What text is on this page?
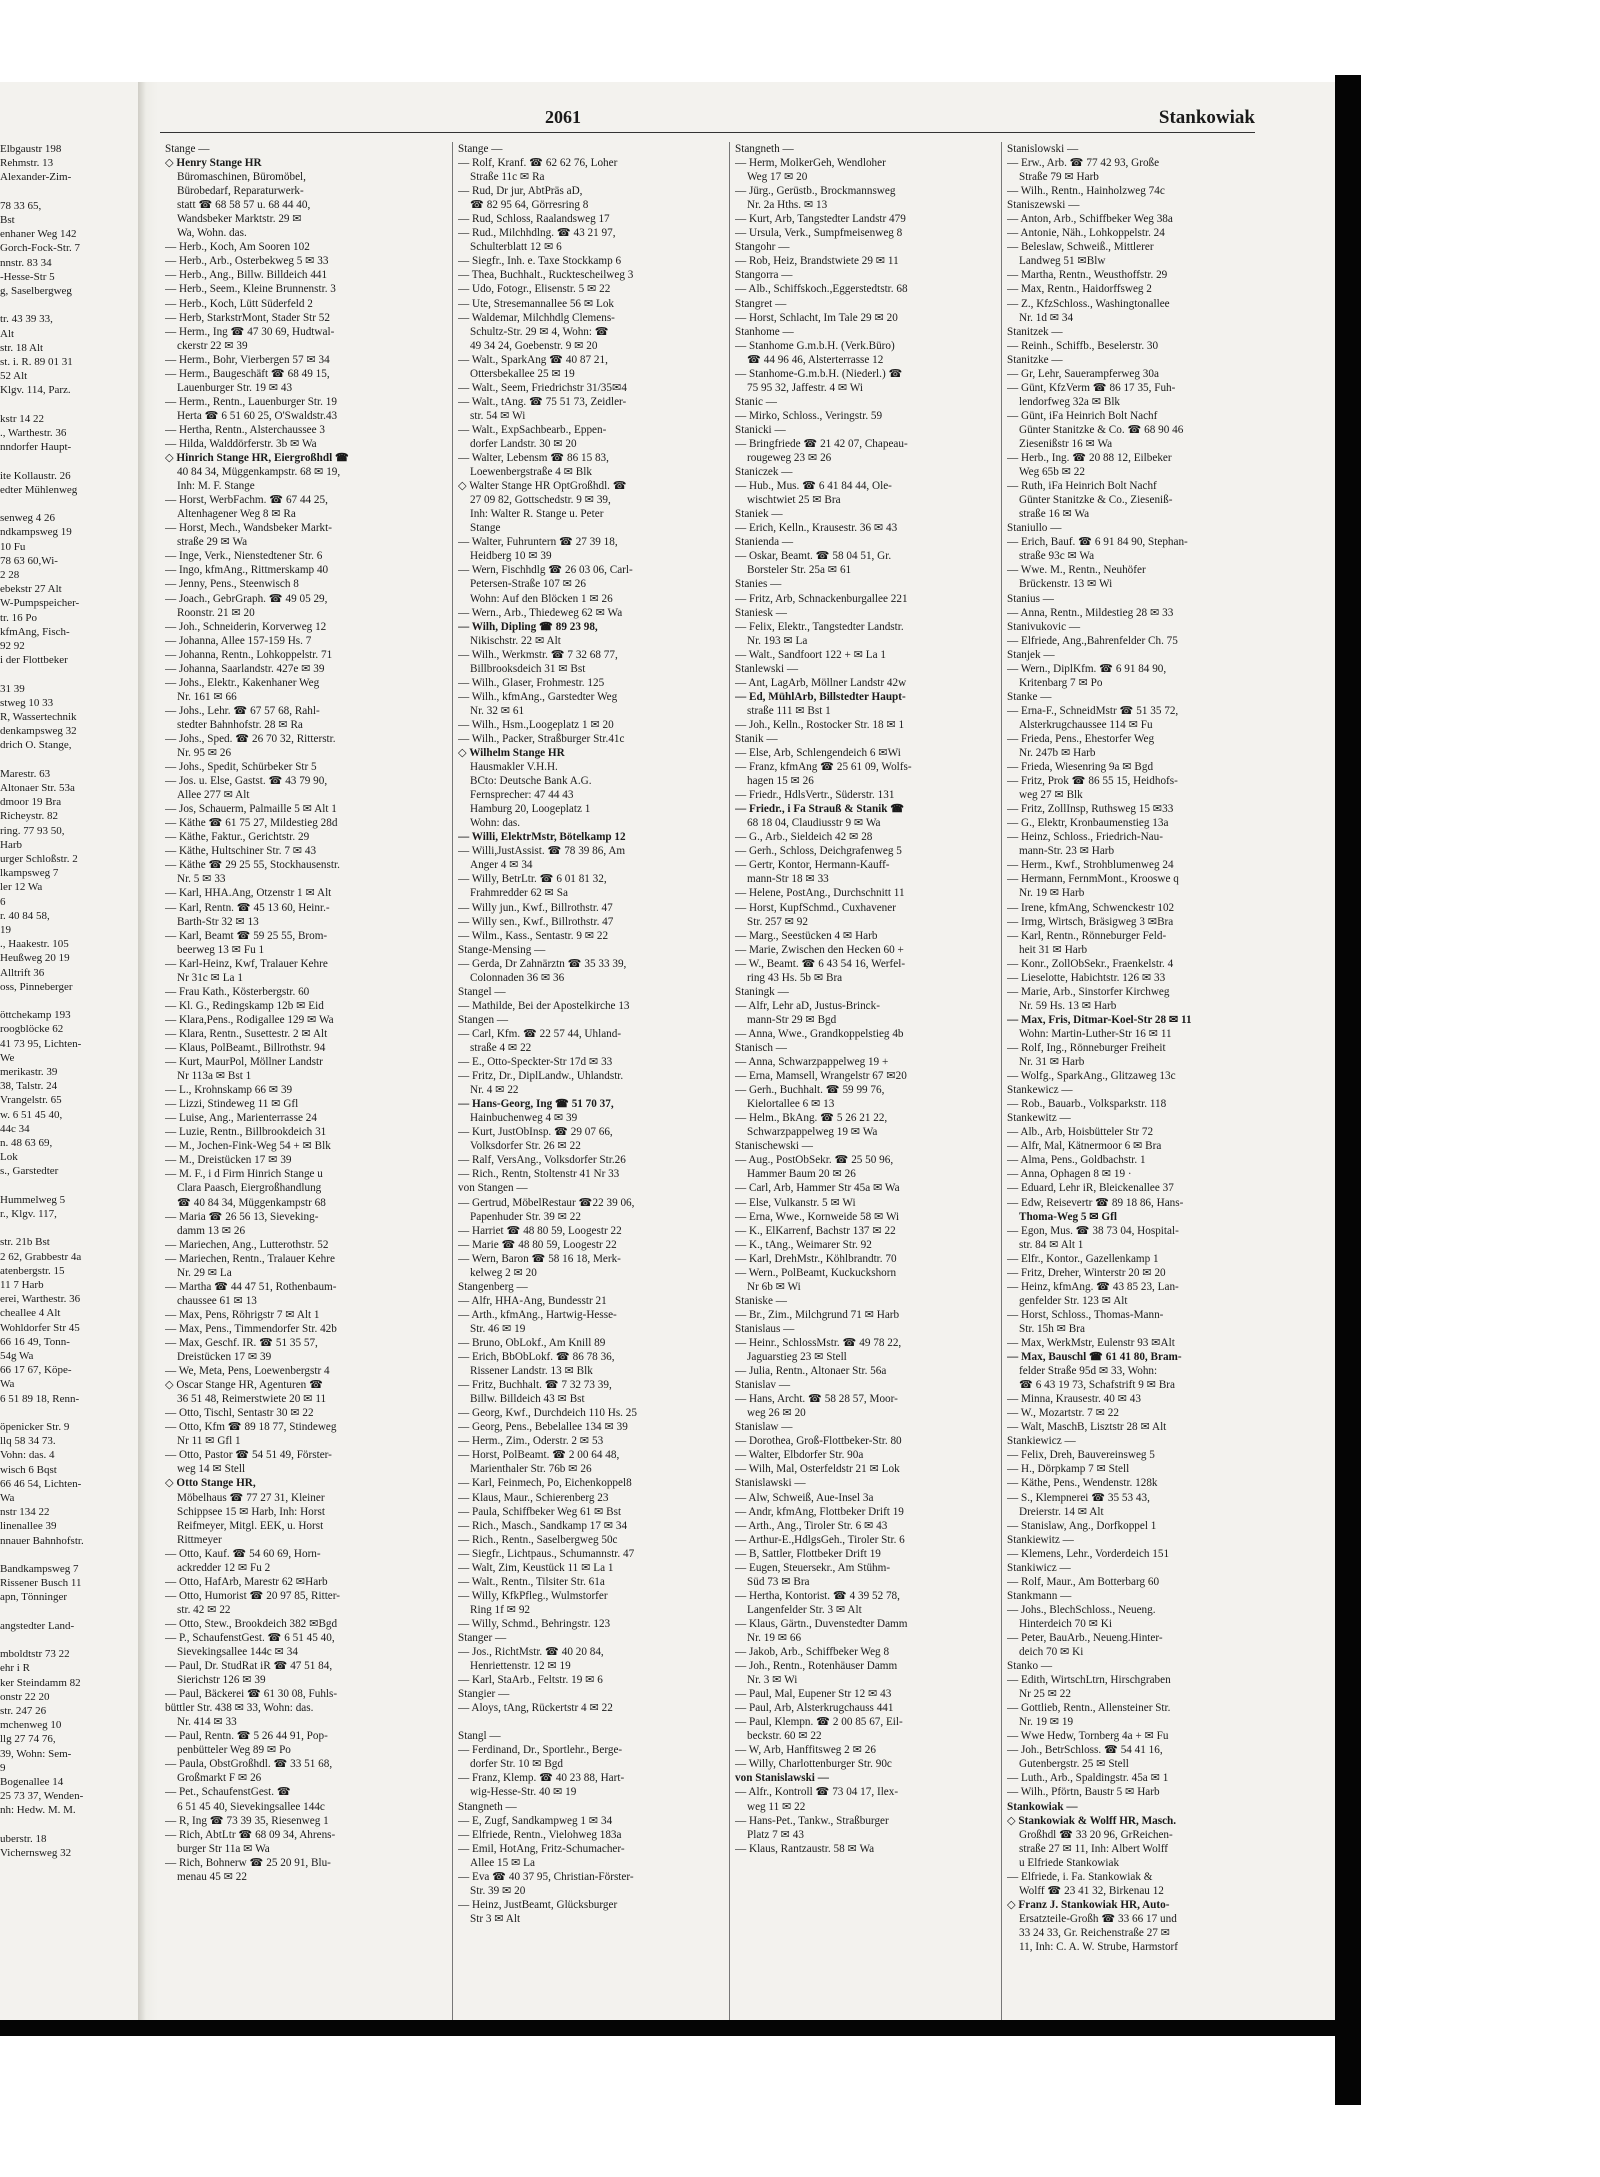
Elbgaustr 198
Rehmstr. 13
Alexander-Zim-
78 33 65,
Bst
enhaner Weg 142
Gorch-Fock-Str. 7
nnstr. 83 34
-Hesse-Str 5
g, Saselbergweg
tr. 43 39 33,
Alt
str. 18 Alt
st. i. R. 89 01 31
52 Alt
Klgv. 114, Parz.
kstr 14 22
., Warthestr. 36
nndorfer Haupt-
ite Kollaustr. 26
edter Mühlenweg
senweg 4 26
ndkampsweg 19
10 Fu
78 63 60,Wi-
2 28
ebekstr 27 Alt
W-Pumpspeicher-
tr. 16 Po
kfmAng, Fisch-
92 92
i der Flottbeker
31 39
stweg 10 33
R, Wassertechnik
denkampsweg 32
drich O. Stange,
Marestr. 63
Altonaer Str. 53a
dmoor 19 Bra
Richeystr. 82
ring. 77 93 50,
Harb
urger Schloßstr. 2
lkampsweg 7
ler 12 Wa
6
r. 40 84 58,
19
., Haakestr. 105
Heußweg 20 19
Alltrift 36
oss, Pinneberger
öttchekamp 193
roogblöcke 62
41 73 95, Lichten-
We
merikastr. 39
38, Talstr. 24
Vrangelstr. 65
w. 6 51 45 40,
44c 34
n. 48 63 69,
Lok
s., Garstedter
Hummelweg 5
r., Klgv. 117,
str. 21b Bst
2 62, Grabbestr 4a
atenbergstr. 15
11 7 Harb
erei, Warthestr. 36
cheallee 4 Alt
Wohldorfer Str 45
66 16 49, Tonn-
54g Wa
66 17 67, Köpe-
Wa
6 51 89 18, Renn-
öpenicker Str. 9
llq 58 34 73.
Vohn: das. 4
wisch 6 Bqst
66 46 54, Lichten-
Wa
nstr 134 22
linenallee 39
nnauer Bahnhofstr.
Bandkampsweg 7
Rissener Busch 11
apn, Tönninger
angstedter Land-
mboldtstr 73 22
ehr i R
ker Steindamm 82
onstr 22 20
str. 247 26
mchenweg 10
llg 27 74 76,
39, Wohn: Sem-
9
Bogenallee 14
25 73 37, Wenden-
nh: Hedw. M. M.
uberstr. 18
Vichernsweg 32
2061	Stankowiak
Stange —
◇ Henry Stange HR
Büromaschinen, Büromöbel,
Bürobedarf, Reparaturwerk-
statt ☎ 68 58 57 u. 68 44 40,
Wandsbeker Marktstr. 29 ✉
Wa, Wohn. das.
— Herb., Koch, Am Sooren 102
— Herb., Arb., Osterbekweg 5 ✉ 33
— Herb., Ang., Billw. Billdeich 441
— Herb., Seem., Kleine Brunnenstr. 3
— Herb., Koch, Lütt Süderfeld 2
— Herb, StarkstrMont, Stader Str 52
— Herm., Ing ☎ 47 30 69, Hudtwal-
ckerstr 22 ✉ 39
— Herm., Bohr, Vierbergen 57 ✉ 34
— Herm., Baugeschäft ☎ 68 49 15,
Lauenburger Str. 19 ✉ 43
— Herm., Rentn., Lauenburger Str. 19
Herta ☎ 6 51 60 25, O'Swaldstr.43
— Hertha, Rentn., Alsterchaussee 3
— Hilda, Walddörferstr. 3b ✉ Wa
◇ Hinrich Stange HR, Eiergroßhdl ☎
40 84 34, Müggenkampstr. 68 ✉ 19,
Inh: M. F. Stange
— Horst, WerbFachm. ☎ 67 44 25,
Altenhagener Weg 8 ✉ Ra
— Horst, Mech., Wandsbeker Markt-
straße 29 ✉ Wa
— Inge, Verk., Nienstedtener Str. 6
— Ingo, kfmAng., Rittmerskamp 40
— Jenny, Pens., Steenwisch 8
— Joach., GebrGraph. ☎ 49 05 29,
Roonstr. 21 ✉ 20
— Joh., Schneiderin, Korverweg 12
— Johanna, Allee 157-159 Hs. 7
— Johanna, Rentn., Lohkoppelstr. 71
— Johanna, Saarlandstr. 427e ✉ 39
— Johs., Elektr., Kakenhaner Weg
Nr. 161 ✉ 66
— Johs., Lehr. ☎ 67 57 68, Rahl-
stedter Bahnhofstr. 28 ✉ Ra
— Johs., Sped. ☎ 26 70 32, Ritterstr.
Nr. 95 ✉ 26
— Johs., Spedit, Schürbeker Str 5
— Jos. u. Else, Gastst. ☎ 43 79 90,
Allee 277 ✉ Alt
— Jos, Schauerm, Palmaille 5 ✉ Alt 1
— Käthe ☎ 61 75 27, Mildestieg 28d
— Käthe, Faktur., Gerichtstr. 29
— Käthe, Hultschiner Str. 7 ✉ 43
— Käthe ☎ 29 25 55, Stockhausenstr.
Nr. 5 ✉ 33
— Karl, HHA.Ang, Otzenstr 1 ✉ Alt
— Karl, Rentn. ☎ 45 13 60, Heinr.-
Barth-Str 32 ✉ 13
— Karl, Beamt ☎ 59 25 55, Brom-
beerweg 13 ✉ Fu 1
— Karl-Heinz, Kwf, Tralauer Kehre
Nr 31c ✉ La 1
— Frau Kath., Kösterbergstr. 60
— Kl. G., Redingskamp 12b ✉ Eid
— Klara,Pens., Rodigallee 129 ✉ Wa
— Klara, Rentn., Susettestr. 2 ✉ Alt
— Klaus, PolBeamt., Billrothstr. 94
— Kurt, MaurPol, Möllner Landstr
Nr 113a ✉ Bst 1
— L., Krohnskamp 66 ✉ 39
— Lizzi, Stindeweg 11 ✉ Gfl
— Luise, Ang., Marienterrasse 24
— Luzie, Rentn., Billbrookdeich 31
— M., Jochen-Fink-Weg 54 + ✉ Blk
— M., Dreistücken 17 ✉ 39
— M. F., i d Firm Hinrich Stange u
Clara Paasch, Eiergroßhandlung
☎ 40 84 34, Müggenkampstr 68
— Maria ☎ 26 56 13, Sieveking-
damm 13 ✉ 26
— Mariechen, Ang., Lutterothstr. 52
— Mariechen, Rentn., Tralauer Kehre
Nr. 29 ✉ La
— Martha ☎ 44 47 51, Rothenbaum-
chaussee 61 ✉ 13
— Max, Pens, Röhrigstr 7 ✉ Alt 1
— Max, Pens., Timmendorfer Str. 42b
— Max, Geschf. IR. ☎ 51 35 57,
Dreistücken 17 ✉ 39
— We, Meta, Pens, Loewenbergstr 4
◇ Oscar Stange HR, Agenturen ☎
36 51 48, Reimerstwiete 20 ✉ 11
— Otto, Tischl, Sentastr 30 ✉ 22
— Otto, Kfm ☎ 89 18 77, Stindeweg
Nr 11 ✉ Gfl 1
— Otto, Pastor ☎ 54 51 49, Förster-
weg 14 ✉ Stell
◇ Otto Stange HR,
Möbelhaus ☎ 77 27 31, Kleiner
Schippsee 15 ✉ Harb, Inh: Horst
Reifmeyer, Mitgl. EEK, u. Horst
Rittmeyer
— Otto, Kauf. ☎ 54 60 69, Horn-
ackredder 12 ✉ Fu 2
— Otto, HafArb, Marestr 62 ✉Harb
— Otto, Humorist ☎ 20 97 85, Ritter-
str. 42 ✉ 22
— Otto, Stew., Brookdeich 382 ✉Bgd
— P., SchaufenstGest. ☎ 6 51 45 40,
Sievekingsallee 144c ✉ 34
— Paul, Dr. StudRat iR ☎ 47 51 84,
Sierichstr 126 ✉ 39
— Paul, Bäckerei ☎ 61 30 08, Fuhls-
büttler Str. 438 ✉ 33, Wohn: das.
Nr. 414 ✉ 33
— Paul, Rentn. ☎ 5 26 44 91, Pop-
penbütteler Weg 89 ✉ Po
— Paula, ObstGroßhdl. ☎ 33 51 68,
Großmarkt F ✉ 26
— Pet., SchaufenstGest. ☎
6 51 45 40, Sievekingsallee 144c
— R, Ing ☎ 73 39 35, Riesenweg 1
— Rich, AbtLtr ☎ 68 09 34, Ahrens-
burger Str 11a ✉ Wa
— Rich, Bohnerw ☎ 25 20 91, Blu-
menau 45 ✉ 22
Stange —
— Rolf, Kranf. ☎ 62 62 76, Loher
Straße 11c ✉ Ra
— Rud, Dr jur, AbtPräs aD,
☎ 82 95 64, Görresring 8
— Rud, Schloss, Raalandsweg 17
— Rud., Milchhdlng. ☎ 43 21 97,
Schulterblatt 12 ✉ 6
— Siegfr., Inh. e. Taxe Stockkamp 6
— Thea, Buchhalt., Rucktescheilweg 3
— Udo, Fotogr., Elisenstr. 5 ✉ 22
— Ute, Stresemannallee 56 ✉ Lok
— Waldemar, Milchhdlg Clemens-
Schultz-Str. 29 ✉ 4, Wohn: ☎
49 34 24, Goebenstr. 9 ✉ 20
— Walt., SparkAng ☎ 40 87 21,
Ottersbekallee 25 ✉ 19
— Walt., Seem, Friedrichstr 31/35✉4
— Walt., tAng. ☎ 75 51 73, Zeidler-
str. 54 ✉ Wi
— Walt., ExpSachbearb., Eppen-
dorfer Landstr. 30 ✉ 20
— Walter, Lebensm ☎ 86 15 83,
Loewenbergstraße 4 ✉ Blk
◇ Walter Stange HR OptGroßhdl. ☎
27 09 82, Gottschedstr. 9 ✉ 39,
Inh: Walter R. Stange u. Peter
Stange
— Walter, Fuhruntern ☎ 27 39 18,
Heidberg 10 ✉ 39
— Wern, Fischhdlg ☎ 26 03 06, Carl-
Petersen-Straße 107 ✉ 26
Wohn: Auf den Blöcken 1 ✉ 26
— Wern., Arb., Thiedeweg 62 ✉ Wa
— Wilh, Dipling ☎ 89 23 98,
Nikischstr. 22 ✉ Alt
— Wilh., Werkmstr. ☎ 7 32 68 77,
Billbrooksdeich 31 ✉ Bst
— Wilh., Glaser, Frohmestr. 125
— Wilh., kfmAng., Garstedter Weg
Nr. 32 ✉ 61
— Wilh., Hsm.,Loogeplatz 1 ✉ 20
— Wilh., Packer, Straßburger Str.41c
◇ Wilhelm Stange HR
Hausmakler V.H.H.
BCto: Deutsche Bank A.G.
Fernsprecher: 47 44 43
Hamburg 20, Loogeplatz 1
Wohn: das.
— Willi, ElektrMstr, Bötelkamp 12
— Willi,JustAssist. ☎ 78 39 86, Am
Anger 4 ✉ 34
— Willy, BetrLtr. ☎ 6 01 81 32,
Frahmredder 62 ✉ Sa
— Willy jun., Kwf., Billrothstr. 47
— Willy sen., Kwf., Billrothstr. 47
— Wilm., Kass., Sentastr. 9 ✉ 22
Stange-Mensing —
— Gerda, Dr Zahnärztn ☎ 35 33 39,
Colonnaden 36 ✉ 36
Stangel —
— Mathilde, Bei der Apostelkirche 13
Stangen —
— Carl, Kfm. ☎ 22 57 44, Uhland-
straße 4 ✉ 22
— E., Otto-Speckter-Str 17d ✉ 33
— Fritz, Dr., DiplLandw., Uhlandstr.
Nr. 4 ✉ 22
— Hans-Georg, Ing ☎ 51 70 37,
Hainbuchenweg 4 ✉ 39
— Kurt, JustObInsp. ☎ 29 07 66,
Volksdorfer Str. 26 ✉ 22
— Ralf, VersAng., Volksdorfer Str.26
— Rich., Rentn, Stoltenstr 41 Nr 33
von Stangen —
— Gertrud, MöbelRestaur ☎22 39 06,
Papenhuder Str. 39 ✉ 22
— Harriet ☎ 48 80 59, Loogestr 22
— Marie ☎ 48 80 59, Loogestr 22
— Wern, Baron ☎ 58 16 18, Merk-
kelweg 2 ✉ 20
Stangenberg —
— Alfr, HHA-Ang, Bundesstr 21
— Arth., kfmAng., Hartwig-Hesse-
Str. 46 ✉ 19
— Bruno, ObLokf., Am Knill 89
— Erich, BbObLokf. ☎ 86 78 36,
Rissener Landstr. 13 ✉ Blk
— Fritz, Buchhalt. ☎ 7 32 73 39,
Billw. Billdeich 43 ✉ Bst
— Georg, Kwf., Durchdeich 110 Hs. 25
— Georg, Pens., Bebelallee 134 ✉ 39
— Herm., Zim., Oderstr. 2 ✉ 53
— Horst, PolBeamt. ☎ 2 00 64 48,
Marienthaler Str. 76b ✉ 26
— Karl, Feinmech, Po, Eichenkoppel8
— Klaus, Maur., Schierenberg 23
— Paula, Schiffbeker Weg 61 ✉ Bst
— Rich., Masch., Sandkamp 17 ✉ 34
— Rich., Rentn., Saselbergweg 50c
— Siegfr., Lichtpaus., Schumannstr. 47
— Walt, Zim, Keustück 11 ✉ La 1
— Walt., Rentn., Tilsiter Str. 61a
— Willy, KfkPfleg., Wulmstorfer
Ring 1f ✉ 92
— Willy, Schmd., Behringstr. 123
Stanger —
— Jos., RichtMstr. ☎ 40 20 84,
Henriettenstr. 12 ✉ 19
— Karl, StaArb., Feltstr. 19 ✉ 6
Stangier —
— Aloys, tAng, Rückertstr 4 ✉ 22

Stangl —
— Ferdinand, Dr., Sportlehr., Berge-
dorfer Str. 10 ✉ Bgd
— Franz, Klemp. ☎ 40 23 88, Hart-
wig-Hesse-Str. 40 ✉ 19
Stangneth —
— E, Zugf, Sandkampweg 1 ✉ 34
— Elfriede, Rentn., Vielohweg 183a
— Emil, HotAng, Fritz-Schumacher-
Allee 15 ✉ La
— Eva ☎ 40 37 95, Christian-Förster-
Str. 39 ✉ 20
— Heinz, JustBeamt, Glücksburger
Str 3 ✉ Alt
Stangneth —
— Herm, MolkerGeh, Wendloher
Weg 17 ✉ 20
— Jürg., Gerüstb., Brockmannsweg
Nr. 2a Hths. ✉ 13
— Kurt, Arb, Tangstedter Landstr 479
— Ursula, Verk., Sumpfmeisenweg 8
Stangohr —
— Rob, Heiz, Brandstwiete 29 ✉ 11
Stangorra —
— Alb., Schiffskoch.,Eggerstedtstr. 68
Stangret —
— Horst, Schlacht, Im Tale 29 ✉ 20
Stanhome —
— Stanhome G.m.b.H. (Verk.Büro)
☎ 44 96 46, Alsterterrasse 12
— Stanhome-G.m.b.H. (Niederl.) ☎
75 95 32, Jaffestr. 4 ✉ Wi
Stanic —
— Mirko, Schloss., Veringstr. 59
Stanicki —
— Bringfriede ☎ 21 42 07, Chapeau-
rougeweg 23 ✉ 26
Staniczek —
— Hub., Mus. ☎ 6 41 84 44, Ole-
wischtwiet 25 ✉ Bra
Staniek —
— Erich, Kelln., Krausestr. 36 ✉ 43
Stanienda —
— Oskar, Beamt. ☎ 58 04 51, Gr.
Borsteler Str. 25a ✉ 61
Stanies —
— Fritz, Arb, Schnackenburgallee 221
Staniesk —
— Felix, Elektr., Tangstedter Landstr.
Nr. 193 ✉ La
— Walt., Sandfoort 122 + ✉ La 1
Stanlewski —
— Ant, LagArb, Möllner Landstr 42w
— Ed, MühlArb, Billstedter Haupt-
straße 111 ✉ Bst 1
— Joh., Kelln., Rostocker Str. 18 ✉ 1
Stanik —
— Else, Arb, Schlengendeich 6 ✉Wi
— Franz, kfmAng ☎ 25 61 09, Wolfs-
hagen 15 ✉ 26
— Friedr., HdlsVertr., Süderstr. 131
— Friedr., i Fa Strauß & Stanik ☎
68 18 04, Claudiusstr 9 ✉ Wa
— G., Arb., Sieldeich 42 ✉ 28
— Gerh., Schloss, Deichgrafenweg 5
— Gertr, Kontor, Hermann-Kauff-
mann-Str 18 ✉ 33
— Helene, PostAng., Durchschnitt 11
— Horst, KupfSchmd., Cuxhavener
Str. 257 ✉ 92
— Marg., Seestücken 4 ✉ Harb
— Marie, Zwischen den Hecken 60 +
— W., Beamt. ☎ 6 43 54 16, Werfel-
ring 43 Hs. 5b ✉ Bra
Staningk —
— Alfr, Lehr aD, Justus-Brinck-
mann-Str 29 ✉ Bgd
— Anna, Wwe., Grandkoppelstieg 4b
Stanisch —
— Anna, Schwarzpappelweg 19 +
— Erna, Mamsell, Wrangelstr 67 ✉20
— Gerh., Buchhalt. ☎ 59 99 76,
Kielortallee 6 ✉ 13
— Helm., BkAng. ☎ 5 26 21 22,
Schwarzpappelweg 19 ✉ Wa
Stanischewski —
— Aug., PostObSekr. ☎ 25 50 96,
Hammer Baum 20 ✉ 26
— Carl, Arb, Hammer Str 45a ✉ Wa
— Else, Vulkanstr. 5 ✉ Wi
— Erna, Wwe., Kornweide 58 ✉ Wi
— K., ElKarrenf, Bachstr 137 ✉ 22
— K., tAng., Weimarer Str. 92
— Karl, DrehMstr., Köhlbrandtr. 70
— Wern., PolBeamt, Kuckuckshorn
Nr 6b ✉ Wi
Staniske —
— Br., Zim., Milchgrund 71 ✉ Harb
Stanislaus —
— Heinr., SchlossMstr. ☎ 49 78 22,
Jaguarstieg 23 ✉ Stell
— Julia, Rentn., Altonaer Str. 56a
Stanislav —
— Hans, Archt. ☎ 58 28 57, Moor-
weg 26 ✉ 20
Stanislaw —
— Dorothea, Groß-Flottbeker-Str. 80
— Walter, Elbdorfer Str. 90a
— Wilh, Mal, Osterfeldstr 21 ✉ Lok
Stanislawski —
— Alw, Schweiß, Aue-Insel 3a
— Andr, kfmAng, Flottbeker Drift 19
— Arth., Ang., Tiroler Str. 6 ✉ 43
— Arthur-E.,HdlgsGeh., Tiroler Str. 6
— B, Sattler, Flottbeker Drift 19
— Eugen, Steuersekr., Am Stühm-
Süd 73 ✉ Bra
— Hertha, Kontorist. ☎ 4 39 52 78,
Langenfelder Str. 3 ✉ Alt
— Klaus, Gärtn., Duvenstedter Damm
Nr. 19 ✉ 66
— Jakob, Arb., Schiffbeker Weg 8
— Joh., Rentn., Rotenhäuser Damm
Nr. 3 ✉ Wi
— Paul, Mal, Eupener Str 12 ✉ 43
— Paul, Arb, Alsterkrugchauss 441
— Paul, Klempn. ☎ 2 00 85 67, Eil-
beckstr. 60 ✉ 22
— W, Arb, Hanffitsweg 2 ✉ 26
— Willy, Charlottenburger Str. 90c
von Stanislawski —
— Alfr., Kontroll ☎ 73 04 17, Ilex-
weg 11 ✉ 22
— Hans-Pet., Tankw., Straßburger
Platz 7 ✉ 43
— Klaus, Rantzaustr. 58 ✉ Wa
Stanislowski —
— Erw., Arb. ☎ 77 42 93, Große
Straße 79 ✉ Harb
— Wilh., Rentn., Hainholzweg 74c
Staniszewski —
— Anton, Arb., Schiffbeker Weg 38a
— Antonie, Näh., Lohkoppelstr. 24
— Beleslaw, Schweiß., Mittlerer
Landweg 51 ✉Blw
— Martha, Rentn., Weusthoffstr. 29
— Max, Rentn., Haidorffsweg 2
— Z., KfzSchloss., Washingtonallee
Nr. 1d ✉ 34
Stanitzek —
— Reinh., Schiffb., Beselerstr. 30
Stanitzke —
— Gr, Lehr, Sauerampferweg 30a
— Günt, KfzVerm ☎ 86 17 35, Fuh-
lendorfweg 32a ✉ Blk
— Günt, iFa Heinrich Bolt Nachf
Günter Stanitzke & Co. ☎ 68 90 46
Ziesenißstr 16 ✉ Wa
— Herb., Ing. ☎ 20 88 12, Eilbeker
Weg 65b ✉ 22
— Ruth, iFa Heinrich Bolt Nachf
Günter Stanitzke & Co., Zieseniß-
straße 16 ✉ Wa
Staniullo —
— Erich, Bauf. ☎ 6 91 84 90, Stephan-
straße 93c ✉ Wa
— Wwe. M., Rentn., Neuhöfer
Brückenstr. 13 ✉ Wi
Stanius —
— Anna, Rentn., Mildestieg 28 ✉ 33
Stanivukovic —
— Elfriede, Ang.,Bahrenfelder Ch. 75
Stanjek —
— Wern., DiplKfm. ☎ 6 91 84 90,
Kritenbarg 7 ✉ Po
Stanke —
— Erna-F., SchneidMstr ☎ 51 35 72,
Alsterkrugchaussee 114 ✉ Fu
— Frieda, Pens., Ehestorfer Weg
Nr. 247b ✉ Harb
— Frieda, Wiesenring 9a ✉ Bgd
— Fritz, Prok ☎ 86 55 15, Heidhofs-
weg 27 ✉ Blk
— Fritz, ZollInsp, Ruthsweg 15 ✉33
— G., Elektr, Kronbaumenstieg 13a
— Heinz, Schloss., Friedrich-Nau-
mann-Str. 23 ✉ Harb
— Herm., Kwf., Strohblumenweg 24
— Hermann, FernmMont., Krooswe q
Nr. 19 ✉ Harb
— Irene, kfmAng, Schwenckestr 102
— Irmg, Wirtsch, Bräsigweg 3 ✉Bra
— Karl, Rentn., Rönneburger Feld-
heit 31 ✉ Harb
— Konr., ZollObSekr., Fraenkelstr. 4
— Lieselotte, Habichtstr. 126 ✉ 33
— Marie, Arb., Sinstorfer Kirchweg
Nr. 59 Hs. 13 ✉ Harb
— Max, Fris, Ditmar-Koel-Str 28 ✉ 11
Wohn: Martin-Luther-Str 16 ✉ 11
— Rolf, Ing., Rönneburger Freiheit
Nr. 31 ✉ Harb
— Wolfg., SparkAng., Glitzaweg 13c
Stankewicz —
— Rob., Bauarb., Volksparkstr. 118
Stankewitz —
— Alb., Arb, Hoisbütteler Str 72
— Alfr, Mal, Kätnermoor 6 ✉ Bra
— Alma, Pens., Goldbachstr. 1
— Anna, Ophagen 8 ✉ 19 ·
— Eduard, Lehr iR, Bleickenallee 37
— Edw, Reisevertr ☎ 89 18 86, Hans-
Thoma-Weg 5 ✉ Gfl
— Egon, Mus. ☎ 38 73 04, Hospital-
str. 84 ✉ Alt 1
— Elfr., Kontor., Gazellenkamp 1
— Fritz, Dreher, Winterstr 20 ✉ 20
— Heinz, kfmAng. ☎ 43 85 23, Lan-
genfelder Str. 123 ✉ Alt
— Horst, Schloss., Thomas-Mann-
Str. 15h ✉ Bra
— Max, WerkMstr, Eulenstr 93 ✉Alt
— Max, Bauschl ☎ 61 41 80, Bram-
felder Straße 95d ✉ 33, Wohn:
☎ 6 43 19 73, Schafstrift 9 ✉ Bra
— Minna, Krausestr. 40 ✉ 43
— W., Mozartstr. 7 ✉ 22
— Walt, MaschB, Lisztstr 28 ✉ Alt
Stankiewicz —
— Felix, Dreh, Bauvereinsweg 5
— H., Dörpkamp 7 ✉ Stell
— Käthe, Pens., Wendenstr. 128k
— S., Klempnerei ☎ 35 53 43,
Dreierstr. 14 ✉ Alt
— Stanislaw, Ang., Dorfkoppel 1
Stankiewitz —
— Klemens, Lehr., Vorderdeich 151
Stankiwicz —
— Rolf, Maur., Am Botterbarg 60
Stankmann —
— Johs., BlechSchloss., Neueng.
Hinterdeich 70 ✉ Ki
— Peter, BauArb., Neueng.Hinter-
deich 70 ✉ Ki
Stanko —
— Edith, WirtschLtrn, Hirschgraben
Nr 25 ✉ 22
— Gottlieb, Rentn., Allensteiner Str.
Nr. 19 ✉ 19
— Wwe Hedw, Tornberg 4a + ✉ Fu
— Joh., BetrSchloss. ☎ 54 41 16,
Gutenbergstr. 25 ✉ Stell
— Luth., Arb., Spaldingstr. 45a ✉ 1
— Wilh., Pförtn, Baustr 5 ✉ Harb
Stankowiak —
◇ Stankowiak & Wolff HR, Masch.
Großhdl ☎ 33 20 96, GrReichen-
straße 27 ✉ 11, Inh: Albert Wolff
u Elfriede Stankowiak
— Elfriede, i. Fa. Stankowiak &
Wolff ☎ 23 41 32, Birkenau 12
◇ Franz J. Stankowiak HR, Auto-
Ersatzteile-Großh ☎ 33 66 17 und
33 24 33, Gr. Reichenstraße 27 ✉
11, Inh: C. A. W. Strube, Harmstorf
